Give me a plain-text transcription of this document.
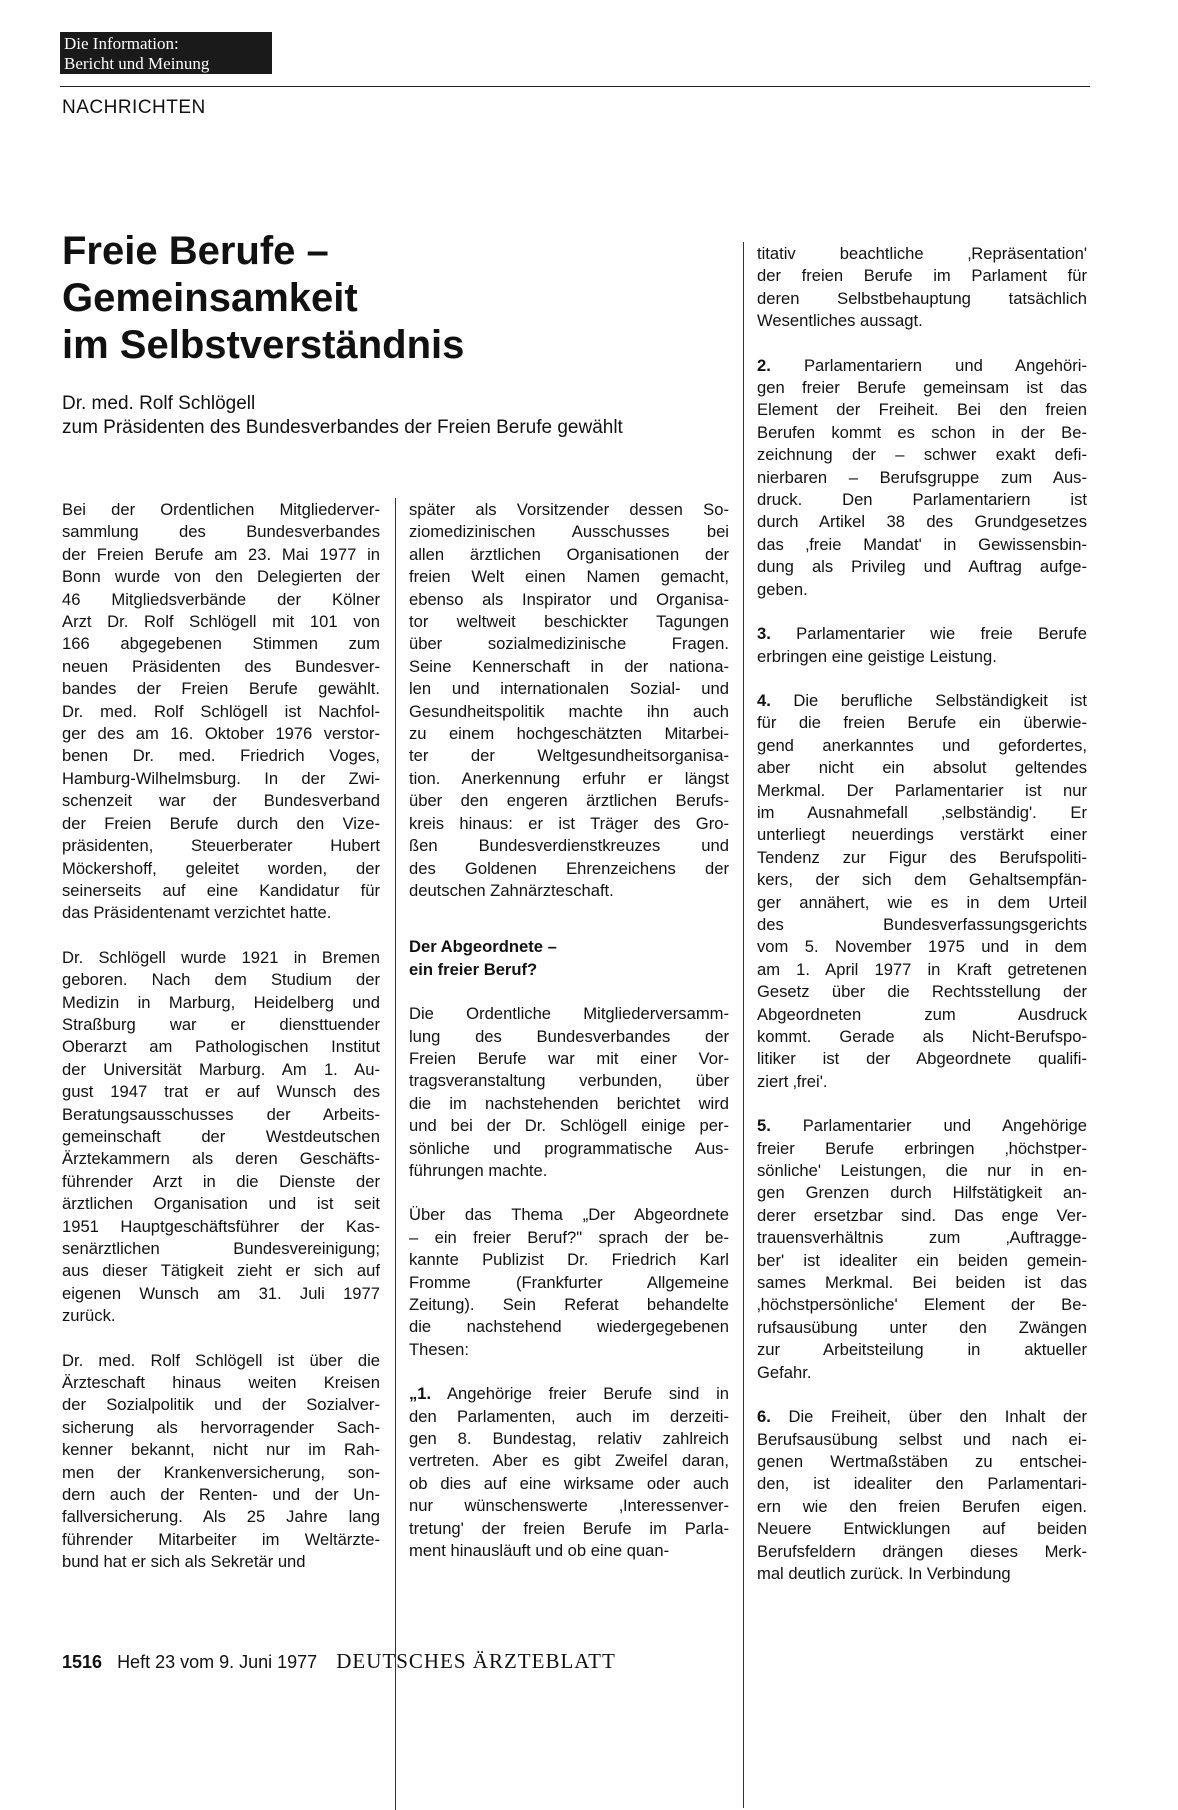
Die Information:
Bericht und Meinung
NACHRICHTEN
Freie Berufe –
Gemeinsamkeit
im Selbstverständnis
Dr. med. Rolf Schlögell
zum Präsidenten des Bundesverbandes der Freien Berufe gewählt

Bei der Ordentlichen Mitgliederver-
sammlung des Bundesverbandes
der Freien Berufe am 23. Mai 1977 in
Bonn wurde von den Delegierten der
46 Mitgliedsverbände der Kölner
Arzt Dr. Rolf Schlögell mit 101 von
166 abgegebenen Stimmen zum
neuen Präsidenten des Bundesver-
bandes der Freien Berufe gewählt.
Dr. med. Rolf Schlögell ist Nachfol-
ger des am 16. Oktober 1976 verstor-
benen Dr. med. Friedrich Voges,
Hamburg-Wilhelmsburg. In der Zwi-
schenzeit war der Bundesverband
der Freien Berufe durch den Vize-
präsidenten, Steuerberater Hubert
Möckershoff, geleitet worden, der
seinerseits auf eine Kandidatur für
das Präsidentenamt verzichtet hatte.

Dr. Schlögell wurde 1921 in Bremen
geboren. Nach dem Studium der
Medizin in Marburg, Heidelberg und
Straßburg war er diensttuender
Oberarzt am Pathologischen Institut
der Universität Marburg. Am 1. Au-
gust 1947 trat er auf Wunsch des
Beratungsausschusses der Arbeits-
gemeinschaft der Westdeutschen
Ärztekammern als deren Geschäfts-
führender Arzt in die Dienste der
ärztlichen Organisation und ist seit
1951 Hauptgeschäftsführer der Kas-
senärztlichen Bundesvereinigung;
aus dieser Tätigkeit zieht er sich auf
eigenen Wunsch am 31. Juli 1977
zurück.

Dr. med. Rolf Schlögell ist über die
Ärzteschaft hinaus weiten Kreisen
der Sozialpolitik und der Sozialver-
sicherung als hervorragender Sach-
kenner bekannt, nicht nur im Rah-
men der Krankenversicherung, son-
dern auch der Renten- und der Un-
fallversicherung. Als 25 Jahre lang
führender Mitarbeiter im Weltärzte-
bund hat er sich als Sekretär und

später als Vorsitzender dessen So-
ziomedizinischen Ausschusses bei
allen ärztlichen Organisationen der
freien Welt einen Namen gemacht,
ebenso als Inspirator und Organisa-
tor weltweit beschickter Tagungen
über sozialmedizinische Fragen.
Seine Kennerschaft in der nationa-
len und internationalen Sozial- und
Gesundheitspolitik machte ihn auch
zu einem hochgeschätzten Mitarbei-
ter der Weltgesundheitsorganisa-
tion. Anerkennung erfuhr er längst
über den engeren ärztlichen Berufs-
kreis hinaus: er ist Träger des Gro-
ßen Bundesverdienstkreuzes und
des Goldenen Ehrenzeichens der
deutschen Zahnärzteschaft.

Der Abgeordnete –
ein freier Beruf?

Die Ordentliche Mitgliederversamm-
lung des Bundesverbandes der
Freien Berufe war mit einer Vor-
tragsveranstaltung verbunden, über
die im nachstehenden berichtet wird
und bei der Dr. Schlögell einige per-
sönliche und programmatische Aus-
führungen machte.

Über das Thema „Der Abgeordnete
– ein freier Beruf?" sprach der be-
kannte Publizist Dr. Friedrich Karl
Fromme (Frankfurter Allgemeine
Zeitung). Sein Referat behandelte
die nachstehend wiedergegebenen
Thesen:

„1. Angehörige freier Berufe sind in
den Parlamenten, auch im derzeiti-
gen 8. Bundestag, relativ zahlreich
vertreten. Aber es gibt Zweifel daran,
ob dies auf eine wirksame oder auch
nur wünschenswerte ‚Interessenver-
tretung' der freien Berufe im Parla-
ment hinausläuft und ob eine quan-

titativ beachtliche ‚Repräsentation'
der freien Berufe im Parlament für
deren Selbstbehauptung tatsächlich
Wesentliches aussagt.

2. Parlamentariern und Angehöri-
gen freier Berufe gemeinsam ist das
Element der Freiheit. Bei den freien
Berufen kommt es schon in der Be-
zeichnung der – schwer exakt defi-
nierbaren – Berufsgruppe zum Aus-
druck. Den Parlamentariern ist
durch Artikel 38 des Grundgesetzes
das ‚freie Mandat' in Gewissensbin-
dung als Privileg und Auftrag aufge-
geben.

3. Parlamentarier wie freie Berufe
erbringen eine geistige Leistung.

4. Die berufliche Selbständigkeit ist
für die freien Berufe ein überwie-
gend anerkanntes und gefordertes,
aber nicht ein absolut geltendes
Merkmal. Der Parlamentarier ist nur
im Ausnahmefall ‚selbständig'. Er
unterliegt neuerdings verstärkt einer
Tendenz zur Figur des Berufspoliti-
kers, der sich dem Gehaltsempfän-
ger annähert, wie es in dem Urteil
des Bundesverfassungsgerichts
vom 5. November 1975 und in dem
am 1. April 1977 in Kraft getretenen
Gesetz über die Rechtsstellung der
Abgeordneten zum Ausdruck
kommt. Gerade als Nicht-Berufspo-
litiker ist der Abgeordnete qualifi-
ziert ‚frei'.

5. Parlamentarier und Angehörige
freier Berufe erbringen ‚höchstper-
sönliche' Leistungen, die nur in en-
gen Grenzen durch Hilfstätigkeit an-
derer ersetzbar sind. Das enge Ver-
trauensverhältnis zum ‚Auftragge-
ber' ist idealiter ein beiden gemein-
sames Merkmal. Bei beiden ist das
‚höchstpersönliche' Element der Be-
rufsausübung unter den Zwängen
zur Arbeitsteilung in aktueller
Gefahr.

6. Die Freiheit, über den Inhalt der
Berufsausübung selbst und nach ei-
genen Wertmaßstäben zu entschei-
den, ist idealiter den Parlamentari-
ern wie den freien Berufen eigen.
Neuere Entwicklungen auf beiden
Berufsfeldern drängen dieses Merk-
mal deutlich zurück. In Verbindung

1516 Heft 23 vom 9. Juni 1977 DEUTSCHES ÄRZTEBLATT
